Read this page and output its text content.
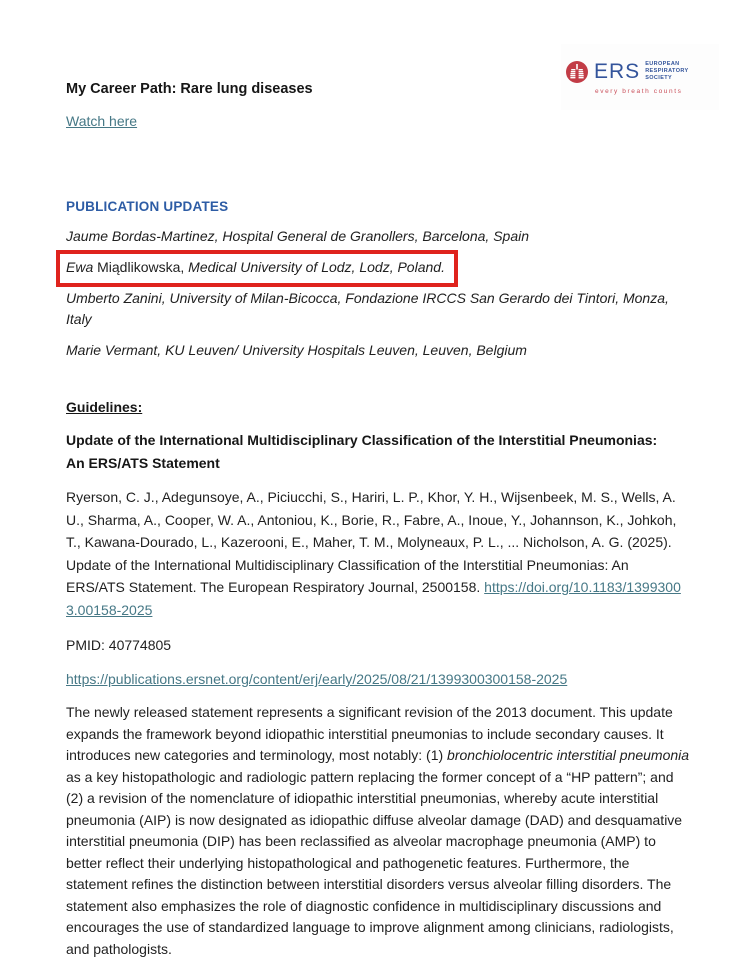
ERS EUROPEAN
RESPIRATORY
SOCIETY
every breath counts

My Career Path: Rare lung diseases

Watch here

PUBLICATION UPDATES

Jaume Bordas-Martinez, Hospital General de Granollers, Barcelona, Spain

Ewa Miądlikowska, Medical University of Lodz, Lodz, Poland.

Umberto Zanini, University of Milan-Bicocca, Fondazione IRCCS San Gerardo dei Tintori, Monza, Italy

Marie Vermant, KU Leuven/ University Hospitals Leuven, Leuven, Belgium

Guidelines:

Update of the International Multidisciplinary Classification of the Interstitial Pneumonias: An ERS/ATS Statement

Ryerson, C. J., Adegunsoye, A., Piciucchi, S., Hariri, L. P., Khor, Y. H., Wijsenbeek, M. S., Wells, A. U., Sharma, A., Cooper, W. A., Antoniou, K., Borie, R., Fabre, A., Inoue, Y., Johannson, K., Johkoh, T., Kawana-Dourado, L., Kazerooni, E., Maher, T. M., Molyneaux, P. L., ... Nicholson, A. G. (2025). Update of the International Multidisciplinary Classification of the Interstitial Pneumonias: An ERS/ATS Statement. The European Respiratory Journal, 2500158. https://doi.org/10.1183/13993003.00158-2025

PMID: 40774805

https://publications.ersnet.org/content/erj/early/2025/08/21/1399300300158-2025

The newly released statement represents a significant revision of the 2013 document. This update expands the framework beyond idiopathic interstitial pneumonias to include secondary causes. It introduces new categories and terminology, most notably: (1) bronchiolocentric interstitial pneumonia as a key histopathologic and radiologic pattern replacing the former concept of a “HP pattern”; and (2) a revision of the nomenclature of idiopathic interstitial pneumonias, whereby acute interstitial pneumonia (AIP) is now designated as idiopathic diffuse alveolar damage (DAD) and desquamative interstitial pneumonia (DIP) has been reclassified as alveolar macrophage pneumonia (AMP) to better reflect their underlying histopathological and pathogenetic features. Furthermore, the statement refines the distinction between interstitial disorders versus alveolar filling disorders. The statement also emphasizes the role of diagnostic confidence in multidisciplinary discussions and encourages the use of standardized language to improve alignment among clinicians, radiologists, and pathologists.
